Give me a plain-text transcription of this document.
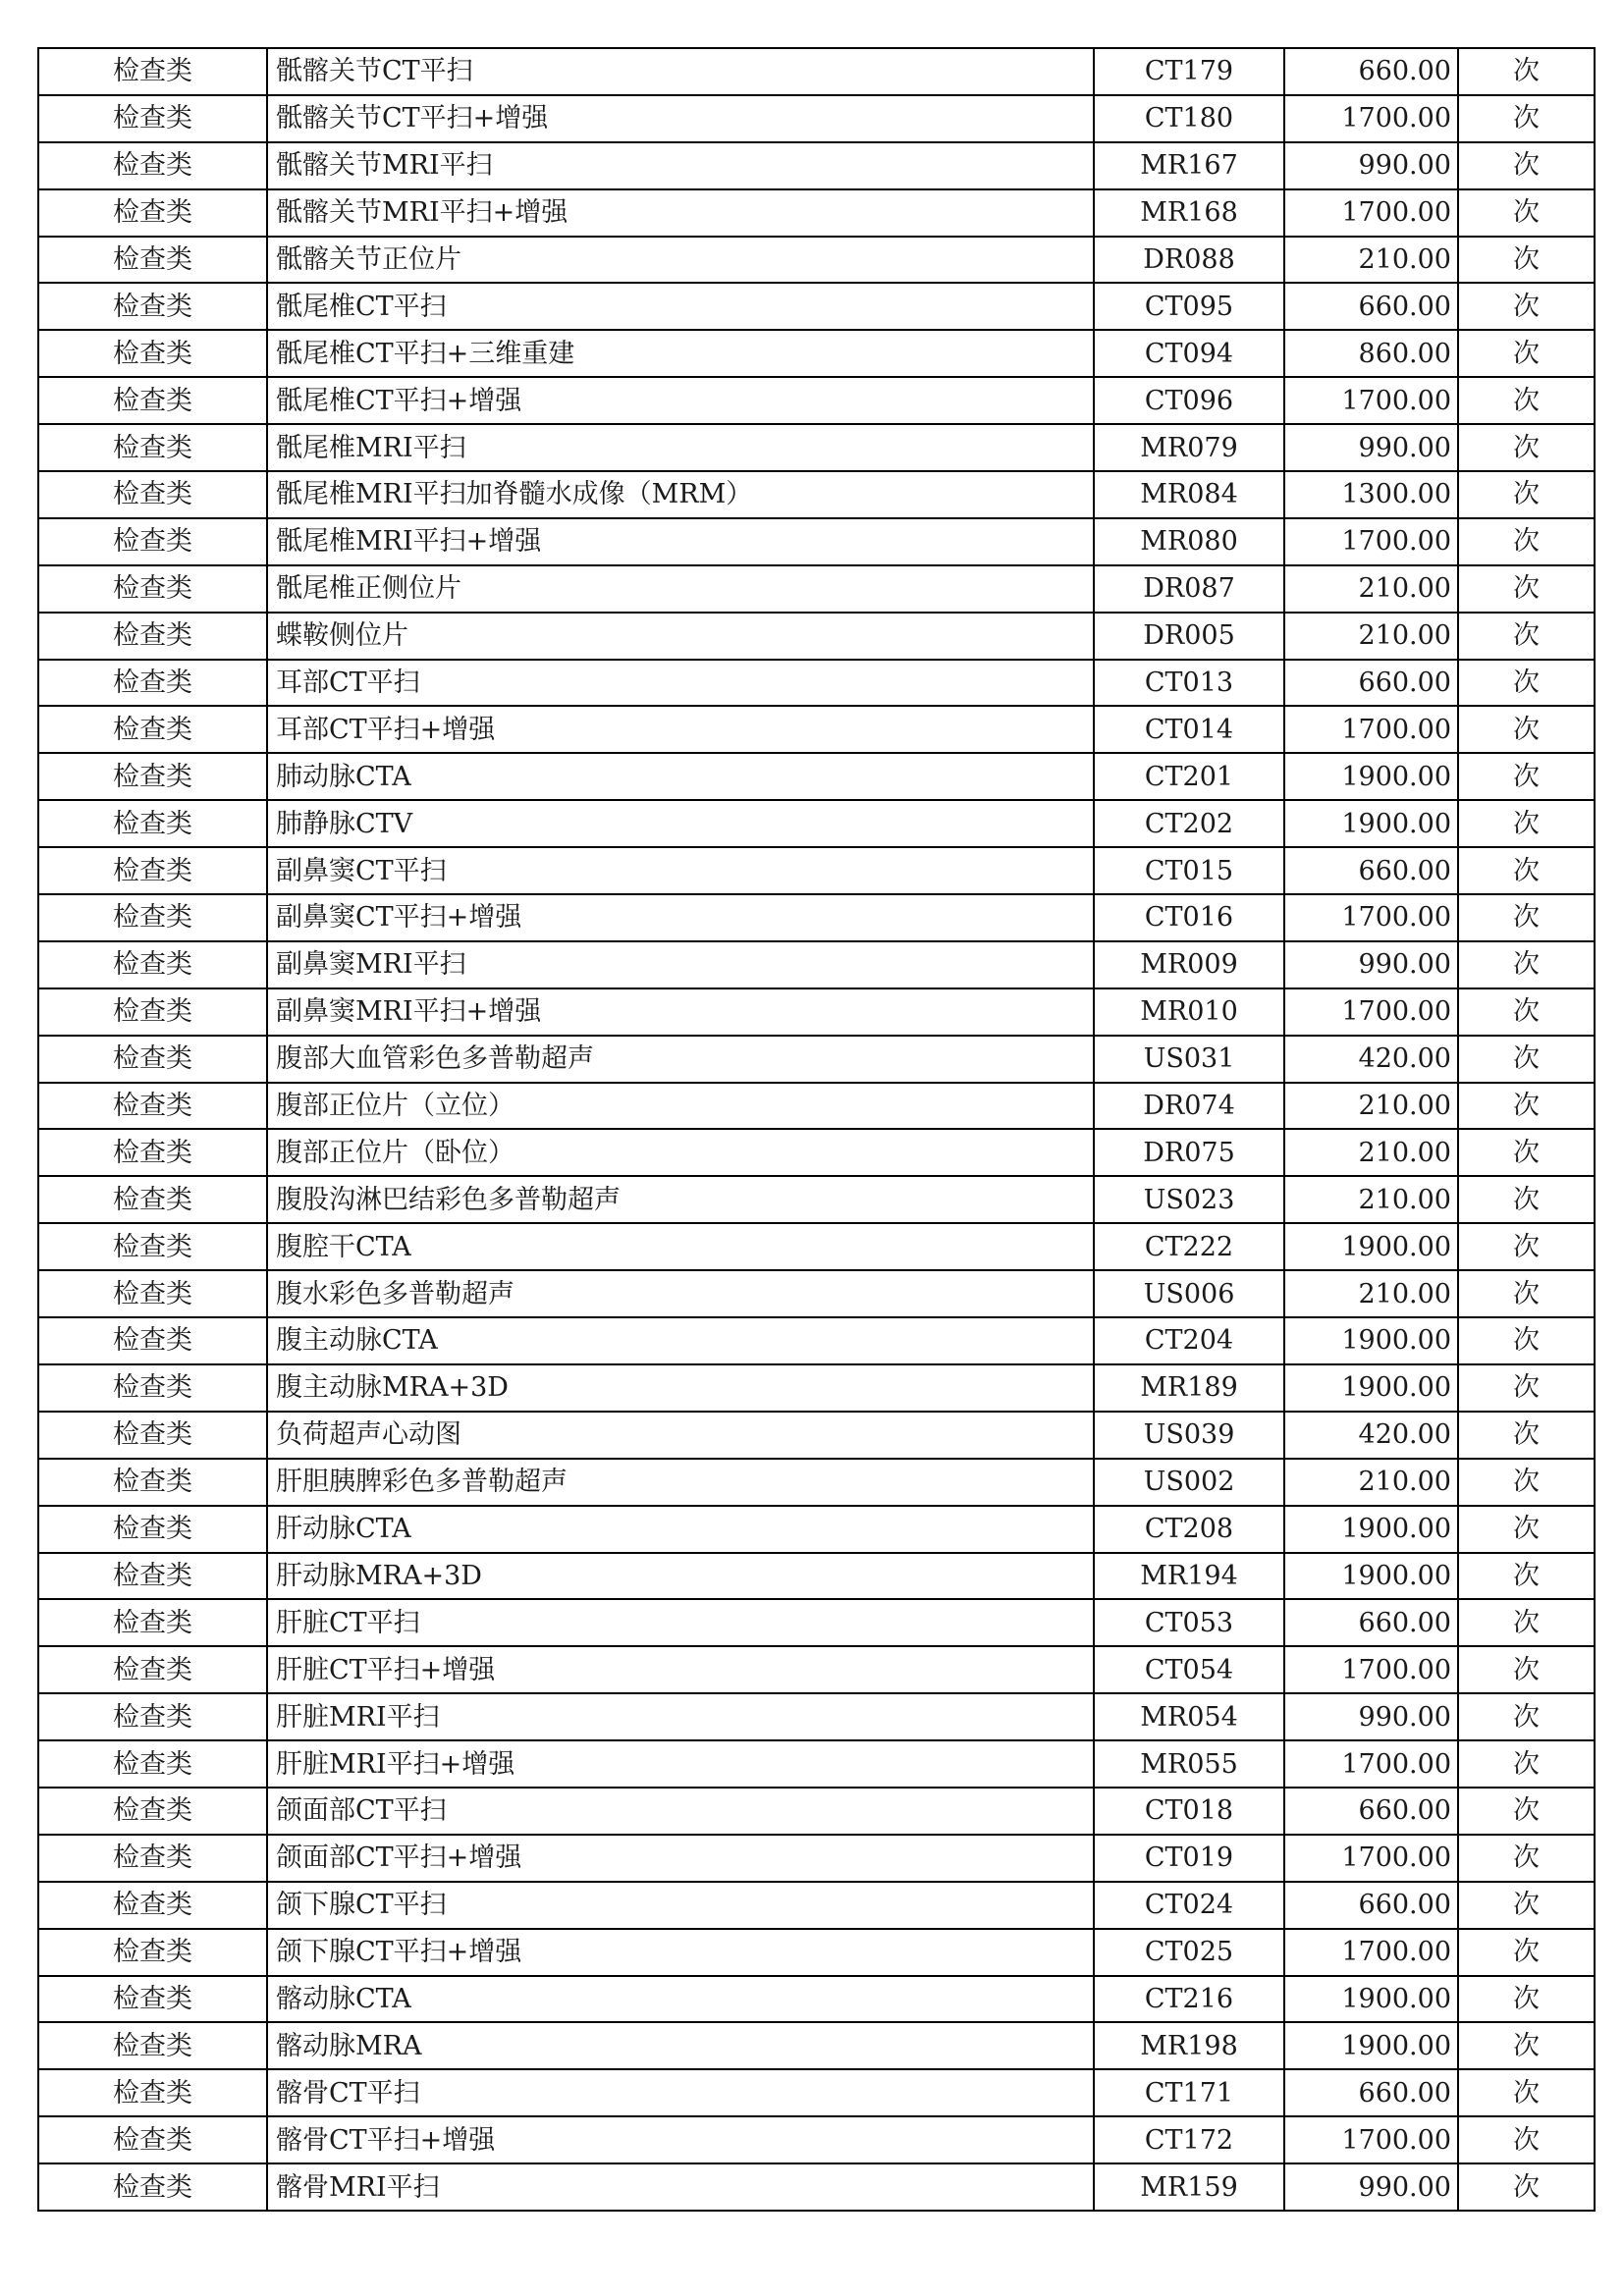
检查类	骶髂关节CT平扫	CT179	660.00	次
检查类	骶髂关节CT平扫+增强	CT180	1700.00	次
检查类	骶髂关节MRI平扫	MR167	990.00	次
检查类	骶髂关节MRI平扫+增强	MR168	1700.00	次
检查类	骶髂关节正位片	DR088	210.00	次
检查类	骶尾椎CT平扫	CT095	660.00	次
检查类	骶尾椎CT平扫+三维重建	CT094	860.00	次
检查类	骶尾椎CT平扫+增强	CT096	1700.00	次
检查类	骶尾椎MRI平扫	MR079	990.00	次
检查类	骶尾椎MRI平扫加脊髓水成像（MRM）	MR084	1300.00	次
检查类	骶尾椎MRI平扫+增强	MR080	1700.00	次
检查类	骶尾椎正侧位片	DR087	210.00	次
检查类	蝶鞍侧位片	DR005	210.00	次
检查类	耳部CT平扫	CT013	660.00	次
检查类	耳部CT平扫+增强	CT014	1700.00	次
检查类	肺动脉CTA	CT201	1900.00	次
检查类	肺静脉CTV	CT202	1900.00	次
检查类	副鼻窦CT平扫	CT015	660.00	次
检查类	副鼻窦CT平扫+增强	CT016	1700.00	次
检查类	副鼻窦MRI平扫	MR009	990.00	次
检查类	副鼻窦MRI平扫+增强	MR010	1700.00	次
检查类	腹部大血管彩色多普勒超声	US031	420.00	次
检查类	腹部正位片（立位）	DR074	210.00	次
检查类	腹部正位片（卧位）	DR075	210.00	次
检查类	腹股沟淋巴结彩色多普勒超声	US023	210.00	次
检查类	腹腔干CTA	CT222	1900.00	次
检查类	腹水彩色多普勒超声	US006	210.00	次
检查类	腹主动脉CTA	CT204	1900.00	次
检查类	腹主动脉MRA+3D	MR189	1900.00	次
检查类	负荷超声心动图	US039	420.00	次
检查类	肝胆胰脾彩色多普勒超声	US002	210.00	次
检查类	肝动脉CTA	CT208	1900.00	次
检查类	肝动脉MRA+3D	MR194	1900.00	次
检查类	肝脏CT平扫	CT053	660.00	次
检查类	肝脏CT平扫+增强	CT054	1700.00	次
检查类	肝脏MRI平扫	MR054	990.00	次
检查类	肝脏MRI平扫+增强	MR055	1700.00	次
检查类	颌面部CT平扫	CT018	660.00	次
检查类	颌面部CT平扫+增强	CT019	1700.00	次
检查类	颌下腺CT平扫	CT024	660.00	次
检查类	颌下腺CT平扫+增强	CT025	1700.00	次
检查类	髂动脉CTA	CT216	1900.00	次
检查类	髂动脉MRA	MR198	1900.00	次
检查类	髂骨CT平扫	CT171	660.00	次
检查类	髂骨CT平扫+增强	CT172	1700.00	次
检查类	髂骨MRI平扫	MR159	990.00	次
